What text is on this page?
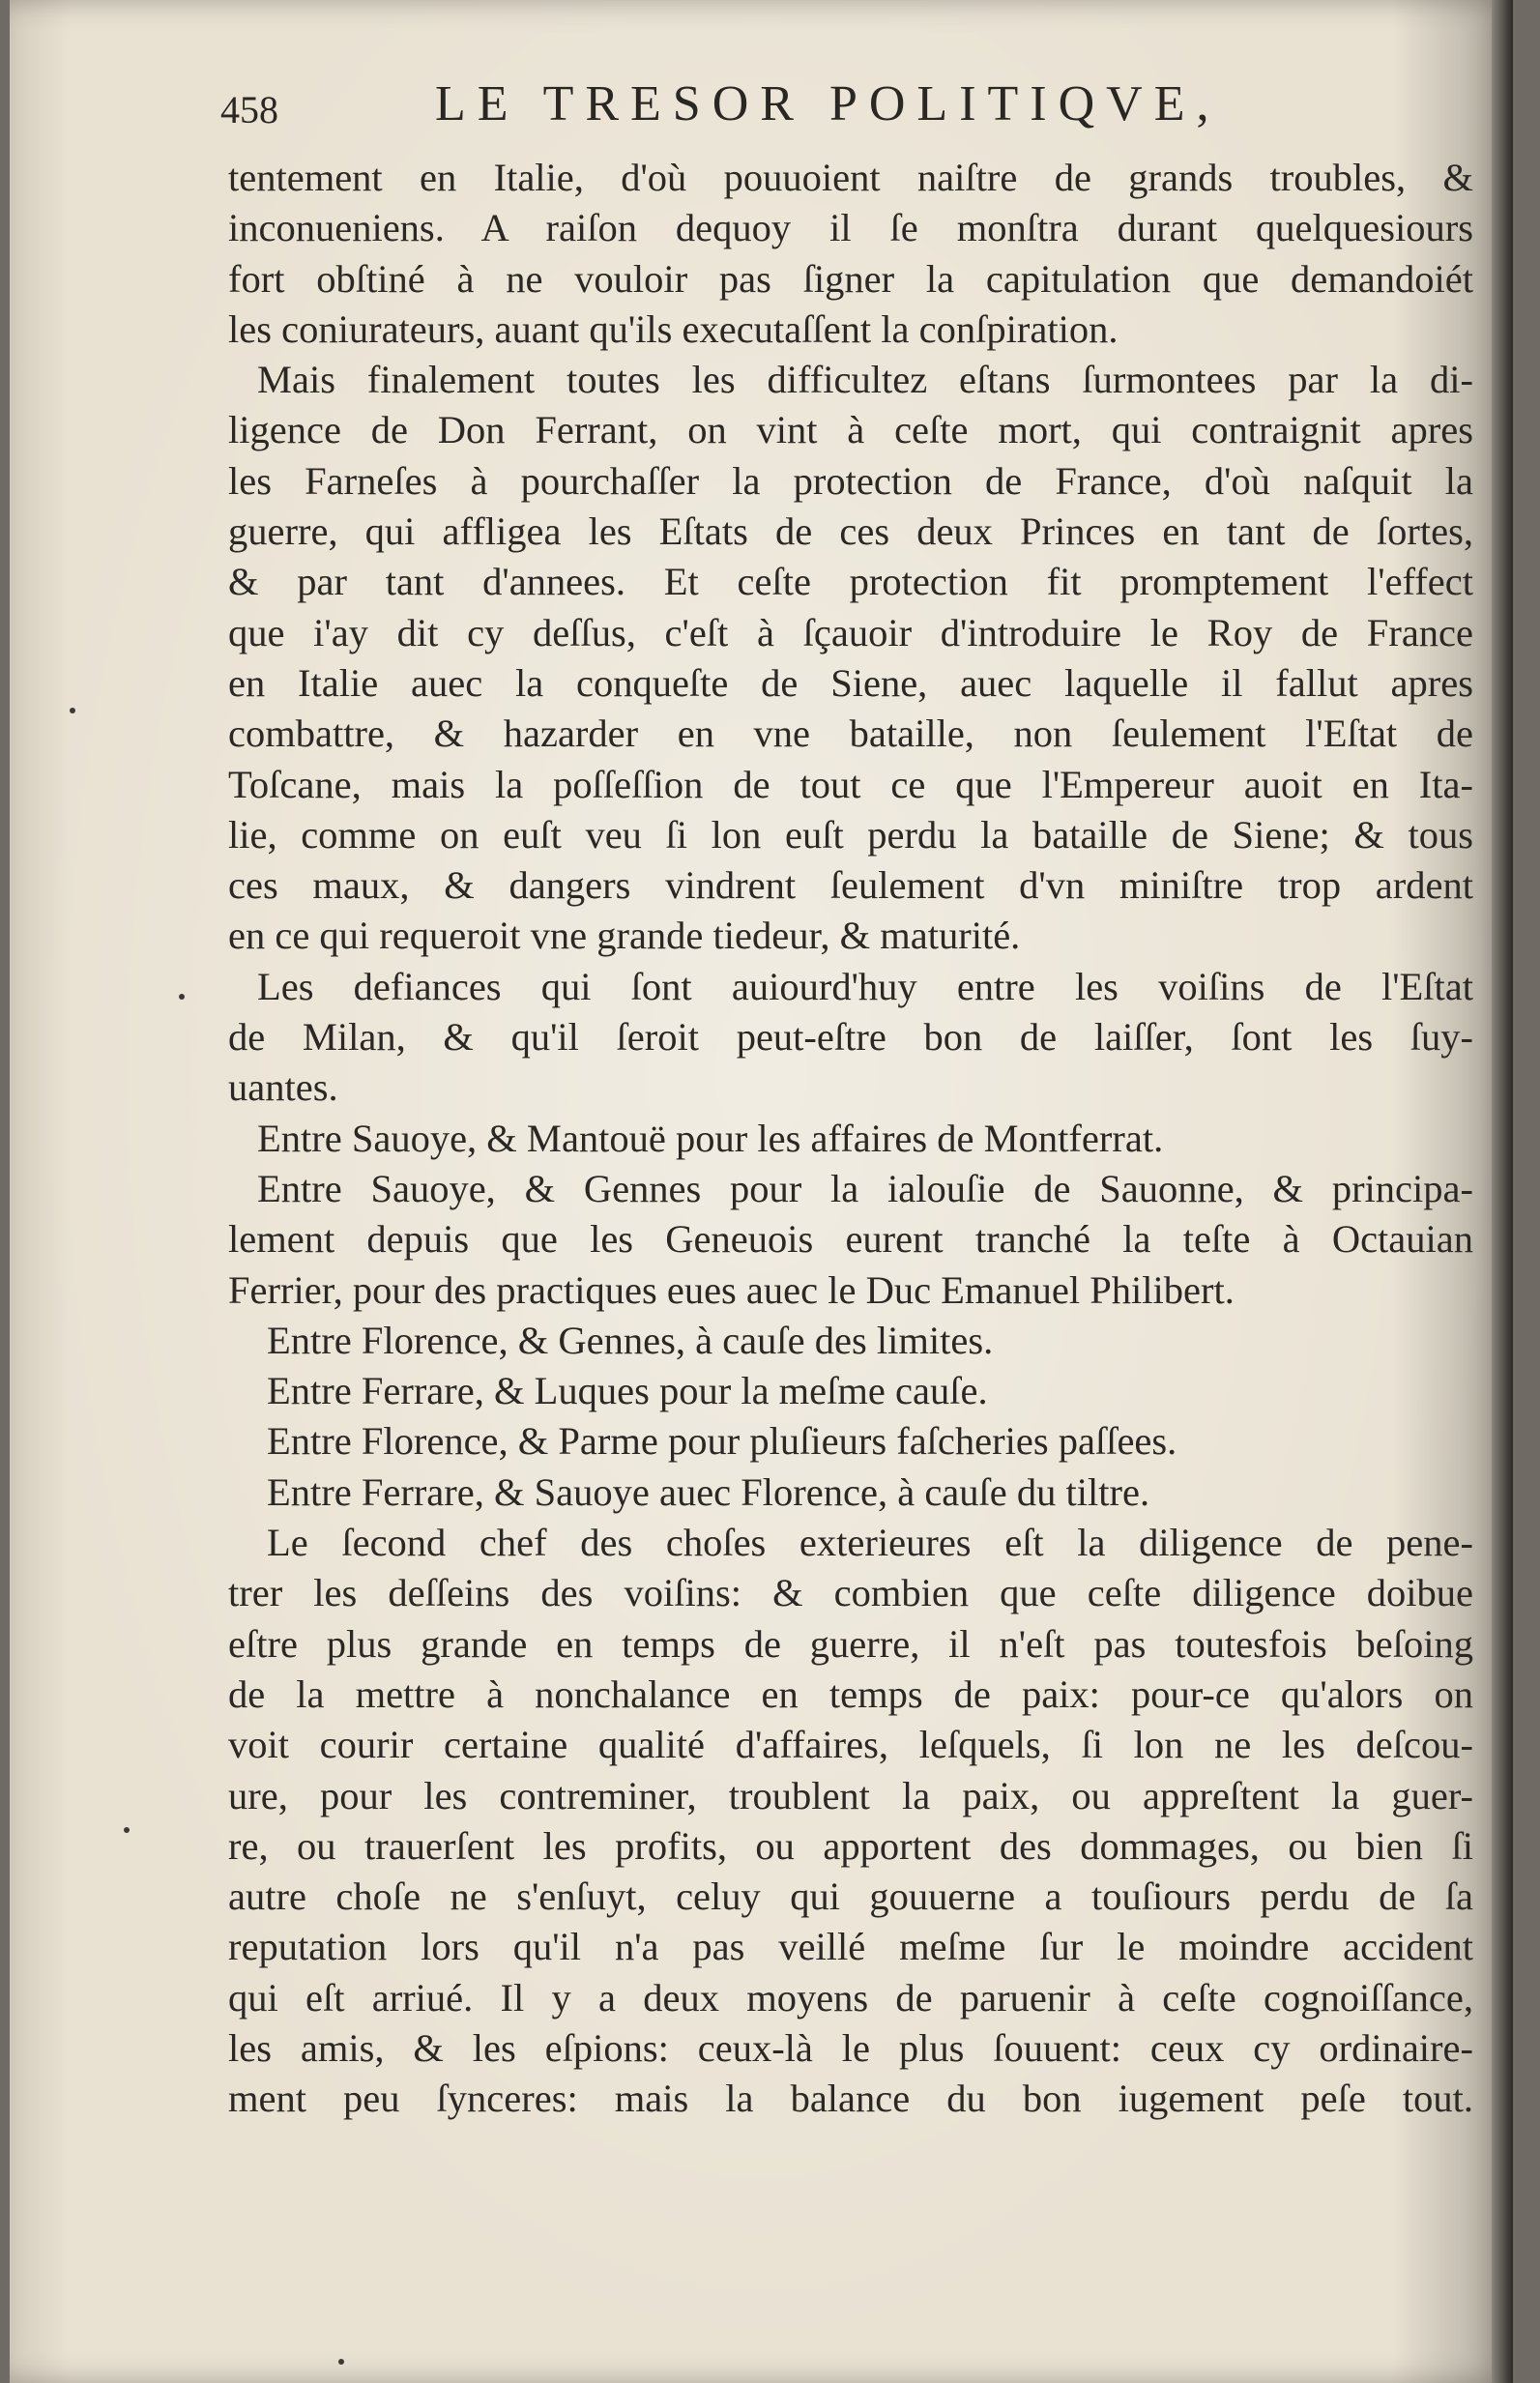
458	LE TRESOR POLITIQVE,
tentement en Italie, d'où pouuoient naiſtre de grands troubles, &
inconueniens. A raiſon dequoy il ſe monſtra durant quelquesiours
fort obſtiné à ne vouloir pas ſigner la capitulation que demandoiét
les coniurateurs, auant qu'ils executaſſent la conſpiration.
Mais finalement toutes les difficultez eſtans ſurmontees par la di-
ligence de Don Ferrant, on vint à ceſte mort, qui contraignit apres
les Farneſes à pourchaſſer la protection de France, d'où naſquit la
guerre, qui affligea les Eſtats de ces deux Princes en tant de ſortes,
& par tant d'annees. Et ceſte protection fit promptement l'effect
que i'ay dit cy deſſus, c'eſt à ſçauoir d'introduire le Roy de France
en Italie auec la conqueſte de Siene, auec laquelle il fallut apres
combattre, & hazarder en vne bataille, non ſeulement l'Eſtat de
Toſcane, mais la poſſeſſion de tout ce que l'Empereur auoit en Ita-
lie, comme on euſt veu ſi lon euſt perdu la bataille de Siene; & tous
ces maux, & dangers vindrent ſeulement d'vn miniſtre trop ardent
en ce qui requeroit vne grande tiedeur, & maturité.
Les defiances qui ſont auiourd'huy entre les voiſins de l'Eſtat
de Milan, & qu'il ſeroit peut-eſtre bon de laiſſer, ſont les ſuy-
uantes.
Entre Sauoye, & Mantouë pour les affaires de Montferrat.
Entre Sauoye, & Gennes pour la ialouſie de Sauonne, & principa-
lement depuis que les Geneuois eurent tranché la teſte à Octauian
Ferrier, pour des practiques eues auec le Duc Emanuel Philibert.
Entre Florence, & Gennes, à cauſe des limites.
Entre Ferrare, & Luques pour la meſme cauſe.
Entre Florence, & Parme pour pluſieurs faſcheries paſſees.
Entre Ferrare, & Sauoye auec Florence, à cauſe du tiltre.
Le ſecond chef des choſes exterieures eſt la diligence de pene-
trer les deſſeins des voiſins: & combien que ceſte diligence doibue
eſtre plus grande en temps de guerre, il n'eſt pas toutesfois beſoing
de la mettre à nonchalance en temps de paix: pour-ce qu'alors on
voit courir certaine qualité d'affaires, leſquels, ſi lon ne les deſcou-
ure, pour les contreminer, troublent la paix, ou appreſtent la guer-
re, ou trauerſent les profits, ou apportent des dommages, ou bien ſi
autre choſe ne s'enſuyt, celuy qui gouuerne a touſiours perdu de ſa
reputation lors qu'il n'a pas veillé meſme ſur le moindre accident
qui eſt arriué. Il y a deux moyens de paruenir à ceſte cognoiſſance,
les amis, & les eſpions: ceux-là le plus ſouuent: ceux cy ordinaire-
ment peu ſynceres: mais la balance du bon iugement peſe tout.
